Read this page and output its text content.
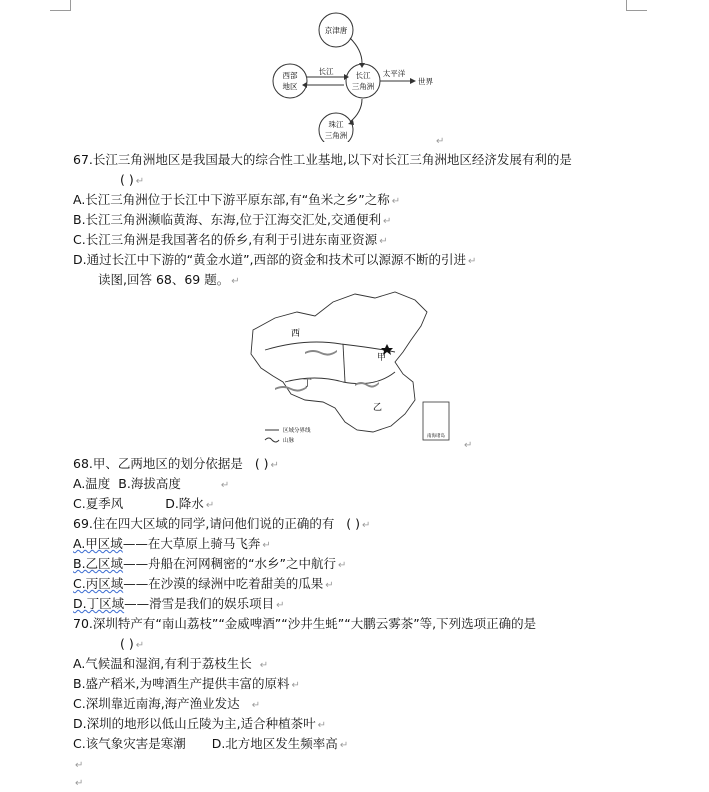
京津唐
西部
地区
长江
三角洲
珠江
三角洲
长江	太平洋
世界
↵
67.长江三角洲地区是我国最大的综合性工业基地,以下对长江三角洲地区经济发展有利的是
( ) ↵
A.长江三角洲位于长江中下游平原东部,有“鱼米之乡”之称 ↵
B.长江三角洲濒临黄海、东海,位于江海交汇处,交通便利 ↵
C.长江三角洲是我国著名的侨乡,有利于引进东南亚资源 ↵
D.通过长江中下游的“黄金水道”,西部的资金和技术可以源源不断的引进 ↵
读图,回答 68、69 题。 ↵
西
甲
丁
乙
南海诸岛
区域分界线
山脉	↵
68.甲、乙两地区的划分依据是 ( ) ↵
A.温度 B.海拔高度	↵
C.夏季风	D.降水 ↵
69.住在四大区域的同学,请问他们说的正确的有 ( ) ↵
A.甲区域——在大草原上骑马飞奔 ↵
B.乙区域——舟船在河网稠密的“水乡”之中航行 ↵
C.丙区域——在沙漠的绿洲中吃着甜美的瓜果 ↵
D.丁区域——滑雪是我们的娱乐项目 ↵
70.深圳特产有“南山荔枝”“金威啤酒”“沙井生蚝”“大鹏云雾茶”等,下列选项正确的是
( ) ↵
A.气候温和湿润,有利于荔枝生长 ↵
B.盛产稻米,为啤酒生产提供丰富的原料 ↵
C.深圳靠近南海,海产渔业发达 ↵
D.深圳的地形以低山丘陵为主,适合种植茶叶 ↵
C.该气象灾害是寒潮 D.北方地区发生频率高 ↵
↵
↵
